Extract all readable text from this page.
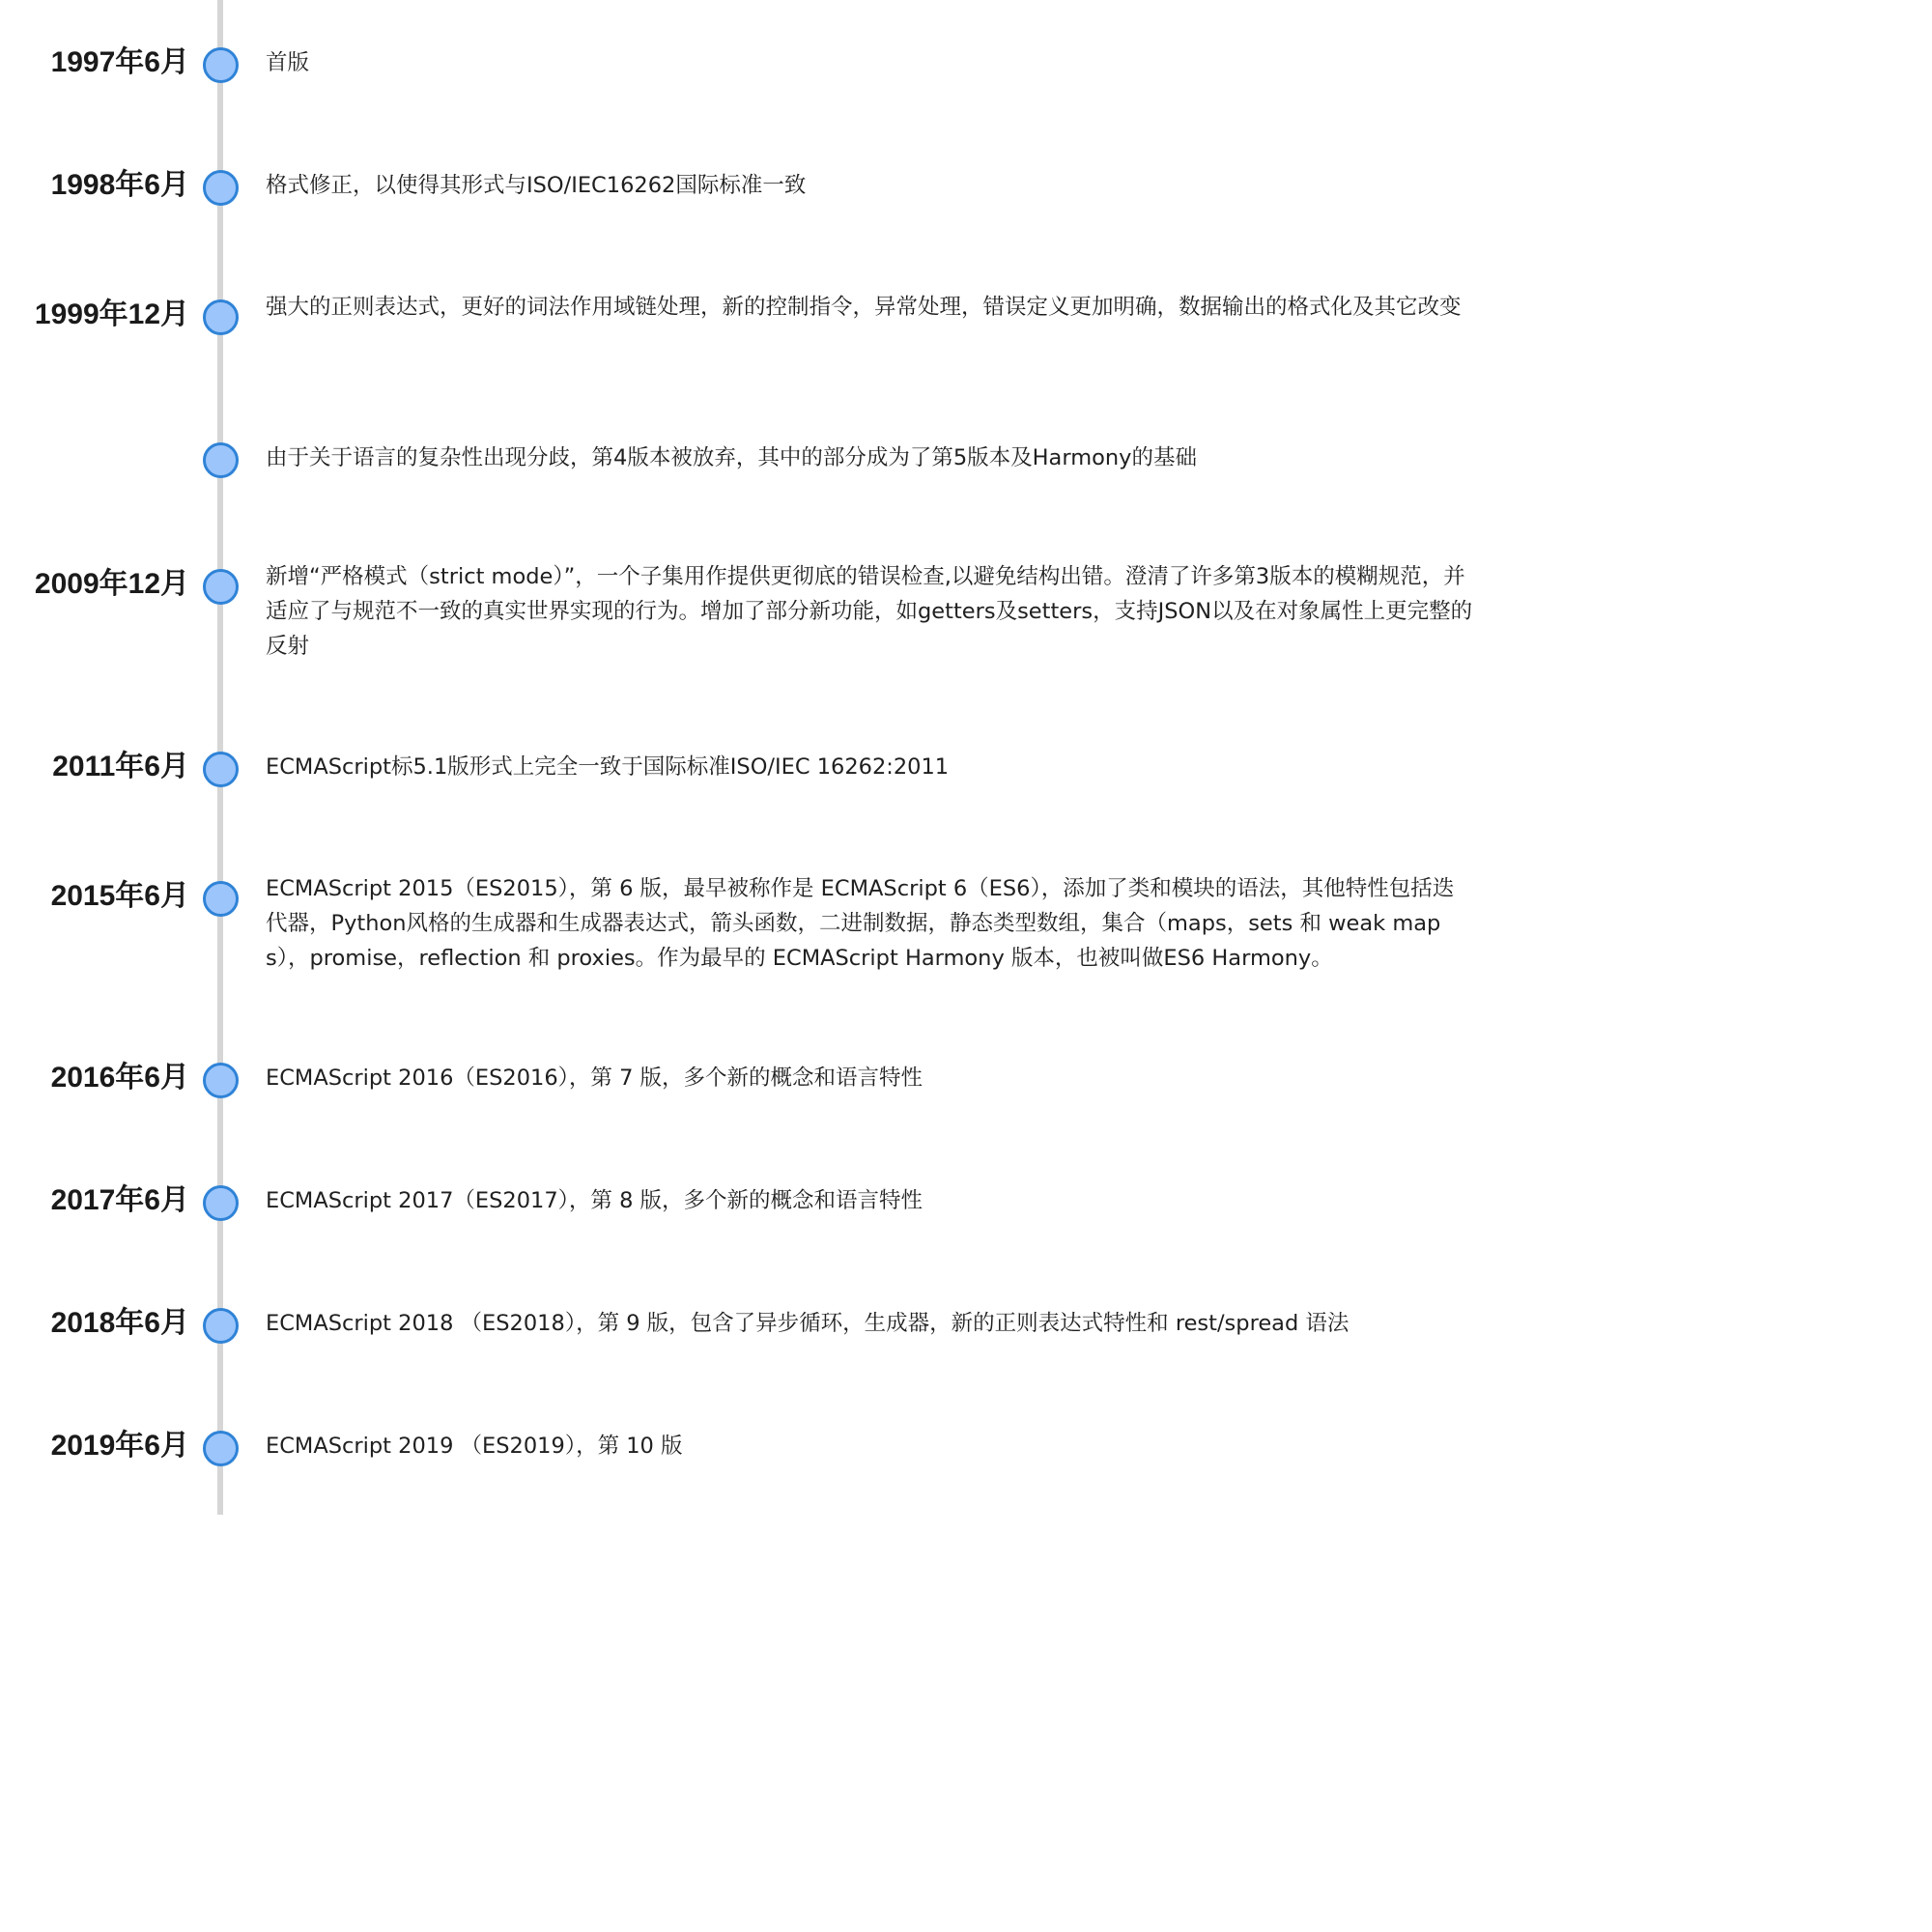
1997年6月	首版
1998年6月	格式修正，以使得其形式与ISO/IEC16262国际标准一致
1999年12月	强大的正则表达式，更好的词法作用域链处理，新的控制指令，异常处理，错误定义更加明确，数据输出的格式化及其它改变
由于关于语言的复杂性出现分歧，第4版本被放弃，其中的部分成为了第5版本及Harmony的基础
2009年12月	新增“严格模式（strict mode）”，一个子集用作提供更彻底的错误检查,以避免结构出错。澄清了许多第3版本的模糊规范，并适应了与规范不一致的真实世界实现的行为。增加了部分新功能，如getters及setters，支持JSON以及在对象属性上更完整的反射
2011年6月	ECMAScript标5.1版形式上完全一致于国际标准ISO/IEC 16262:2011
2015年6月	ECMAScript 2015（ES2015），第 6 版，最早被称作是 ECMAScript 6（ES6），添加了类和模块的语法，其他特性包括迭代器，Python风格的生成器和生成器表达式，箭头函数，二进制数据，静态类型数组，集合（maps，sets 和 weak maps），promise，reflection 和 proxies。作为最早的 ECMAScript Harmony 版本，也被叫做ES6 Harmony。
2016年6月	ECMAScript 2016（ES2016），第 7 版，多个新的概念和语言特性
2017年6月	ECMAScript 2017（ES2017），第 8 版，多个新的概念和语言特性
2018年6月	ECMAScript 2018 （ES2018），第 9 版，包含了异步循环，生成器，新的正则表达式特性和 rest/spread 语法
2019年6月	ECMAScript 2019 （ES2019），第 10 版
